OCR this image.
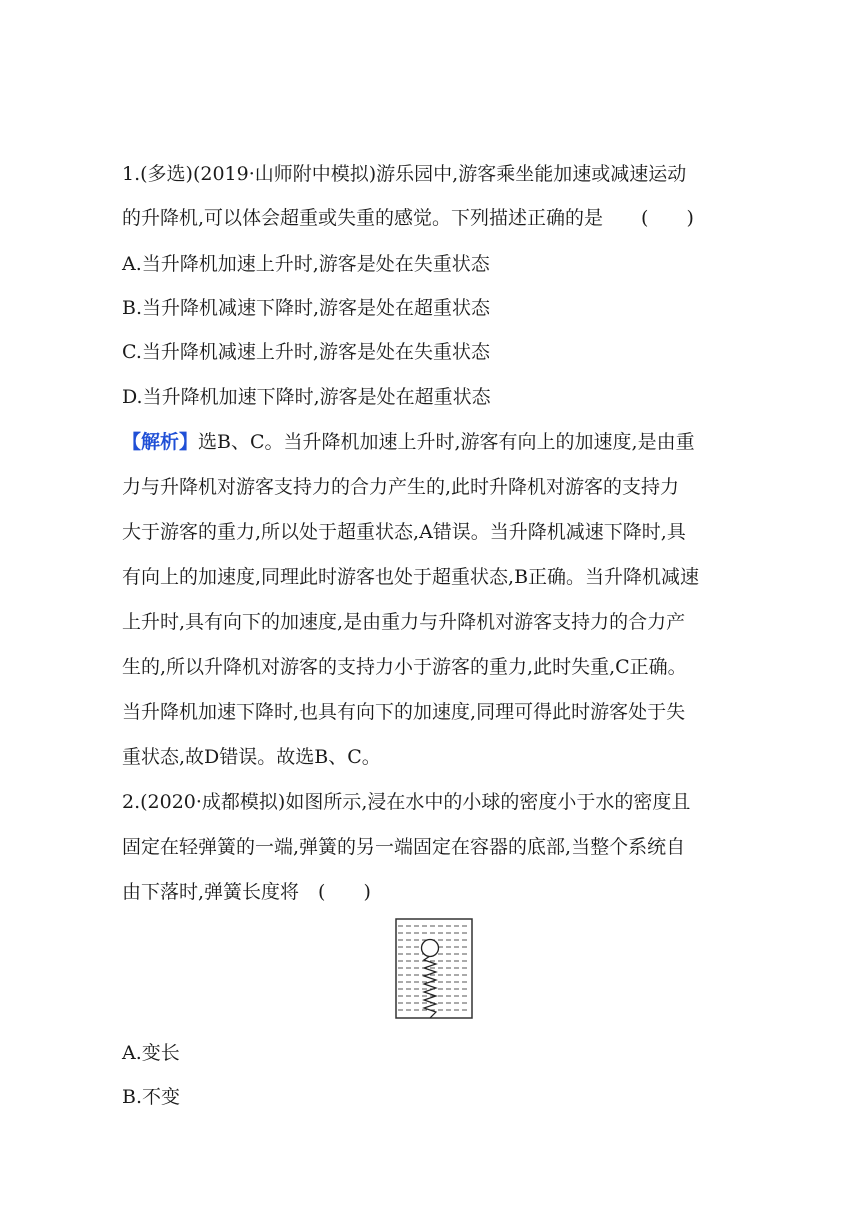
1.(多选)(2019·山师附中模拟)游乐园中,游客乘坐能加速或减速运动
的升降机,可以体会超重或失重的感觉。下列描述正确的是　　(　　)
A.当升降机加速上升时,游客是处在失重状态
B.当升降机减速下降时,游客是处在超重状态
C.当升降机减速上升时,游客是处在失重状态
D.当升降机加速下降时,游客是处在超重状态
【解析】选B、C。当升降机加速上升时,游客有向上的加速度,是由重
力与升降机对游客支持力的合力产生的,此时升降机对游客的支持力
大于游客的重力,所以处于超重状态,A错误。当升降机减速下降时,具
有向上的加速度,同理此时游客也处于超重状态,B正确。当升降机减速
上升时,具有向下的加速度,是由重力与升降机对游客支持力的合力产
生的,所以升降机对游客的支持力小于游客的重力,此时失重,C正确。
当升降机加速下降时,也具有向下的加速度,同理可得此时游客处于失
重状态,故D错误。故选B、C。
2.(2020·成都模拟)如图所示,浸在水中的小球的密度小于水的密度且
固定在轻弹簧的一端,弹簧的另一端固定在容器的底部,当整个系统自
由下落时,弹簧长度将　(　　)
A.变长
B.不变
